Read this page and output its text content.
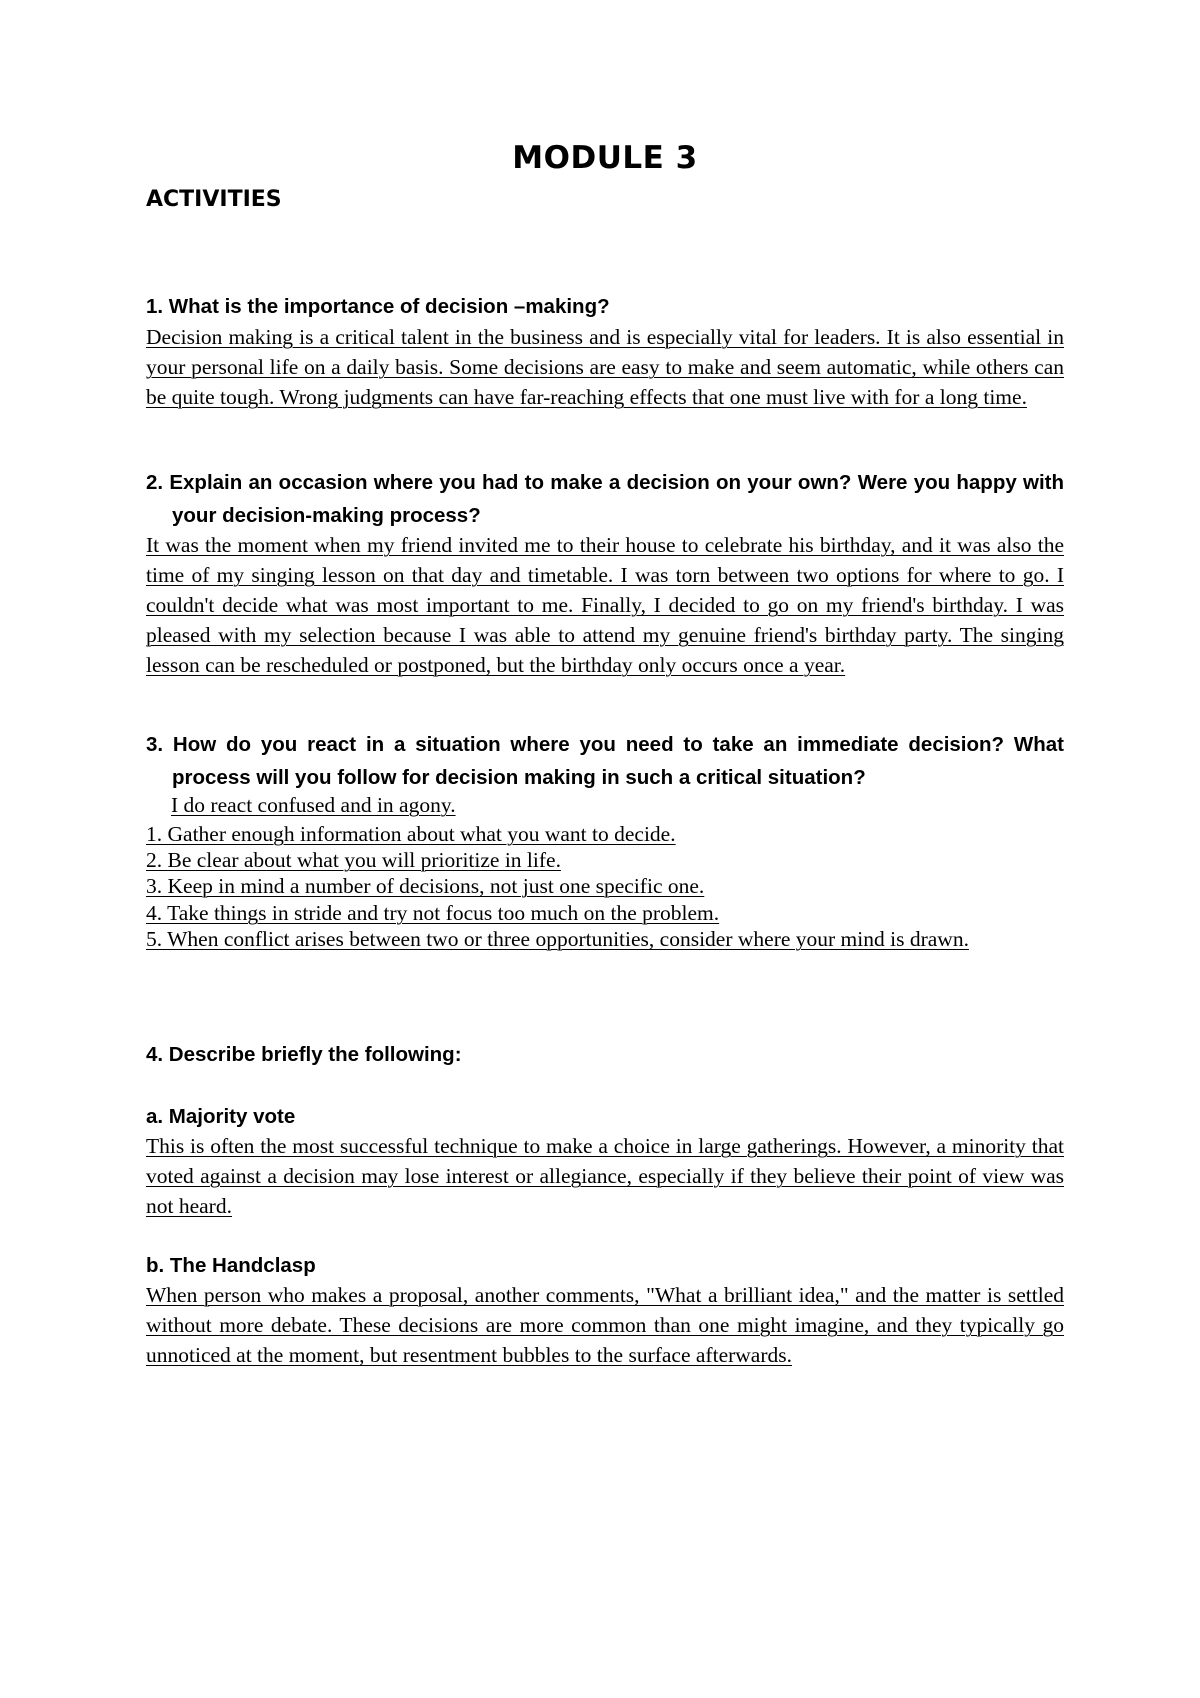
MODULE 3
ACTIVITIES
1. What is the importance of decision –making?
Decision making is a critical talent in the business and is especially vital for leaders. It is also essential in your personal life on a daily basis. Some decisions are easy to make and seem automatic, while others can be quite tough. Wrong judgments can have far-reaching effects that one must live with for a long time.
2. Explain an occasion where you had to make a decision on your own? Were you happy with your decision-making process?
It was the moment when my friend invited me to their house to celebrate his birthday, and it was also the time of my singing lesson on that day and timetable. I was torn between two options for where to go. I couldn't decide what was most important to me. Finally, I decided to go on my friend's birthday. I was pleased with my selection because I was able to attend my genuine friend's birthday party. The singing lesson can be rescheduled or postponed, but the birthday only occurs once a year.
3. How do you react in a situation where you need to take an immediate decision? What process will you follow for decision making in such a critical situation?
I do react confused and in agony.
1. Gather enough information about what you want to decide.
2. Be clear about what you will prioritize in life.
3. Keep in mind a number of decisions, not just one specific one.
4. Take things in stride and try not focus too much on the problem.
5. When conflict arises between two or three opportunities, consider where your mind is drawn.
4. Describe briefly the following:
a. Majority vote
This is often the most successful technique to make a choice in large gatherings. However, a minority that voted against a decision may lose interest or allegiance, especially if they believe their point of view was not heard.
b. The Handclasp
When person who makes a proposal, another comments, "What a brilliant idea," and the matter is settled without more debate. These decisions are more common than one might imagine, and they typically go unnoticed at the moment, but resentment bubbles to the surface afterwards.
